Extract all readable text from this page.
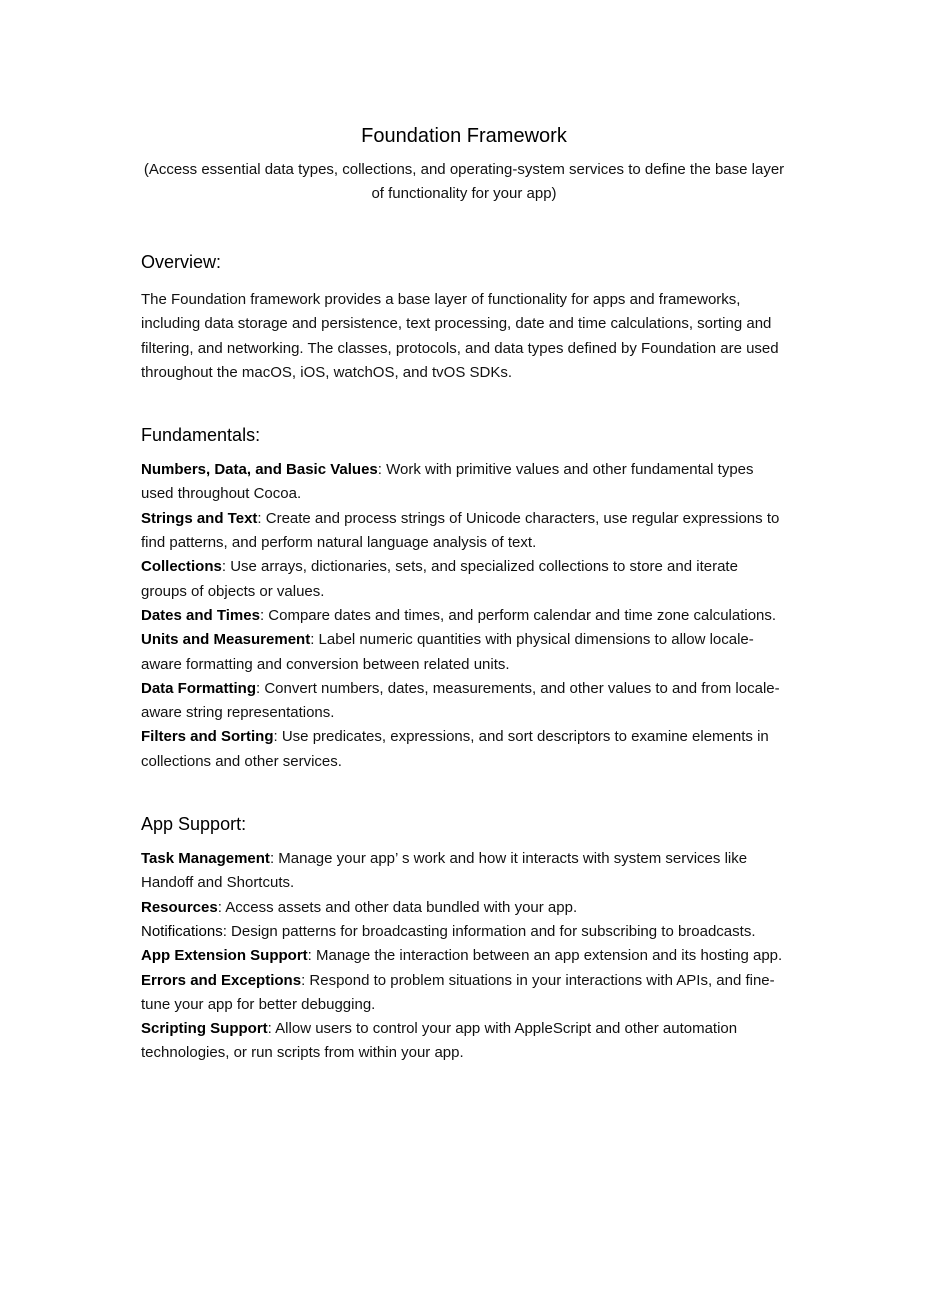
Foundation Framework

(Access essential data types, collections, and operating-system services to define the base layer of functionality for your app)

Overview:

The Foundation framework provides a base layer of functionality for apps and frameworks, including data storage and persistence, text processing, date and time calculations, sorting and filtering, and networking. The classes, protocols, and data types defined by Foundation are used throughout the macOS, iOS, watchOS, and tvOS SDKs.

Fundamentals:
Numbers, Data, and Basic Values: Work with primitive values and other fundamental types used throughout Cocoa.
Strings and Text: Create and process strings of Unicode characters, use regular expressions to find patterns, and perform natural language analysis of text.
Collections: Use arrays, dictionaries, sets, and specialized collections to store and iterate groups of objects or values.
Dates and Times: Compare dates and times, and perform calendar and time zone calculations.
Units and Measurement: Label numeric quantities with physical dimensions to allow locale-aware formatting and conversion between related units.
Data Formatting: Convert numbers, dates, measurements, and other values to and from locale-aware string representations.
Filters and Sorting: Use predicates, expressions, and sort descriptors to examine elements in collections and other services.
App Support:
Task Management: Manage your app’ s work and how it interacts with system services like Handoff and Shortcuts.
Resources: Access assets and other data bundled with your app.
Notifications: Design patterns for broadcasting information and for subscribing to broadcasts.
App Extension Support: Manage the interaction between an app extension and its hosting app.
Errors and Exceptions: Respond to problem situations in your interactions with APIs, and fine-tune your app for better debugging.
Scripting Support: Allow users to control your app with AppleScript and other automation technologies, or run scripts from within your app.
